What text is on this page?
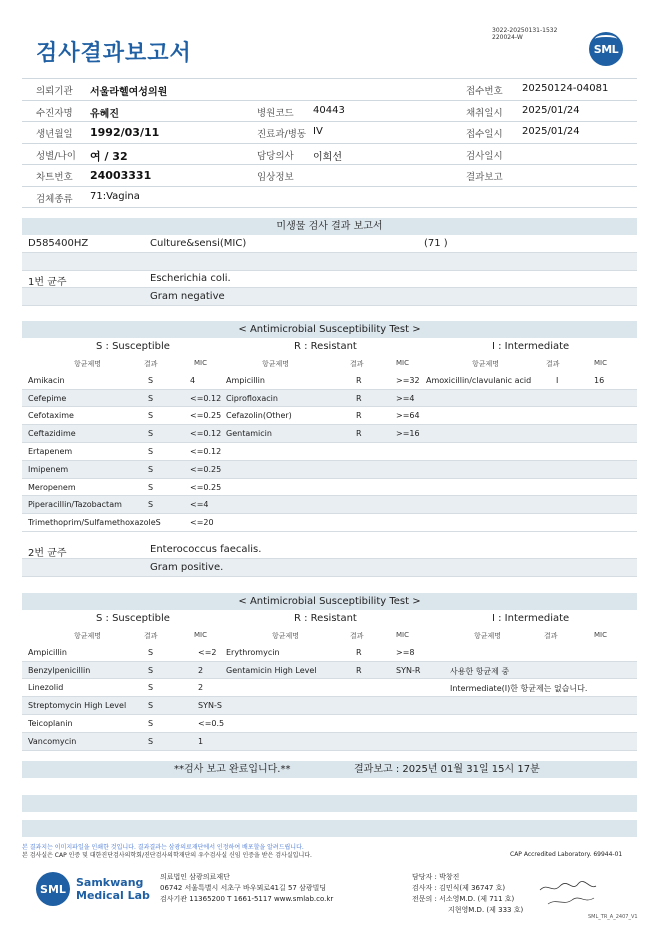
검사결과보고서
3022-20250131-1532
220024-W
SML
의뢰기관 서울라헬여성의원	접수번호 20250124-04081
수진자명 유혜진	병원코드 40443	채취일시 2025/01/24
생년월일 1992/03/11	진료과/병동 IV	접수일시 2025/01/24
성별/나이 여 / 32	담당의사 이희선	검사일시
차트번호 24003331	임상정보	결과보고
검체종류 71:Vagina
미생물 검사 결과 보고서
D585400HZ	Culture&sensi(MIC)	(71 )
1번 균주	Escherichia coli.
Gram negative
< Antimicrobial Susceptibility Test >
S : Susceptible	R : Resistant	I : Intermediate
항균제명	결과	MIC	항균제명	결과	MIC	항균제명	결과	MIC
Amikacin	S	4	Ampicillin	R	>=32 Amoxicillin/clavulanic acid	I	16
Cefepime	S	<=0.12 Ciprofloxacin	R	>=4
Cefotaxime	S	<=0.25 Cefazolin(Other)	R	>=64
Ceftazidime	S	<=0.12 Gentamicin	R	>=16
Ertapenem	S	<=0.12
Imipenem	S	<=0.25
Meropenem	S	<=0.25
Piperacillin/Tazobactam	S	<=4
Trimethoprim/SulfamethoxazoleS	<=20
2번 균주	Enterococcus faecalis.
Gram positive.
< Antimicrobial Susceptibility Test >
S : Susceptible	R : Resistant	I : Intermediate
항균제명	결과	MIC	항균제명	결과	MIC	항균제명	결과	MIC
Ampicillin	S	<=2 Erythromycin	R	>=8
Benzylpenicillin	S	2	Gentamicin High Level	R	SYN-R	사용한 항균제 중
Linezolid	S	2	Intermediate(I)한 항균제는 없습니다.
Streptomycin High Level	S	SYN-S
Teicoplanin	S	<=0.5
Vancomycin	S	1
**검사 보고 완료입니다.**	결과보고 : 2025년 01월 31일 15시 17분
본 결과지는 이미지파일을 인쇄한 것입니다. 결과결과는 삼광의료재단에서 인정하여 배포할을 알려드립니다.
본 검사실은 CAP 인증 및 대한진단검사의학회/진단검사의학재단의 우수검사실 신임 인증을 받은 검사실입니다.	CAP Accredited Laboratory. 69944-01
SML Samkwang
Medical Lab
의료법인 삼광의료재단
06742 서울특별시 서초구 바우뫼로41길 57 삼광빌딩
검사기관 11365200 T 1661-5117 www.smlab.co.kr
담당자 : 박창진
검사자 : 김민식(제 36747 호)
전문의 : 서소영M.D. (제 711 호)
지현영M.D. (제 333 호)
SML_TR_A_2407_V1
